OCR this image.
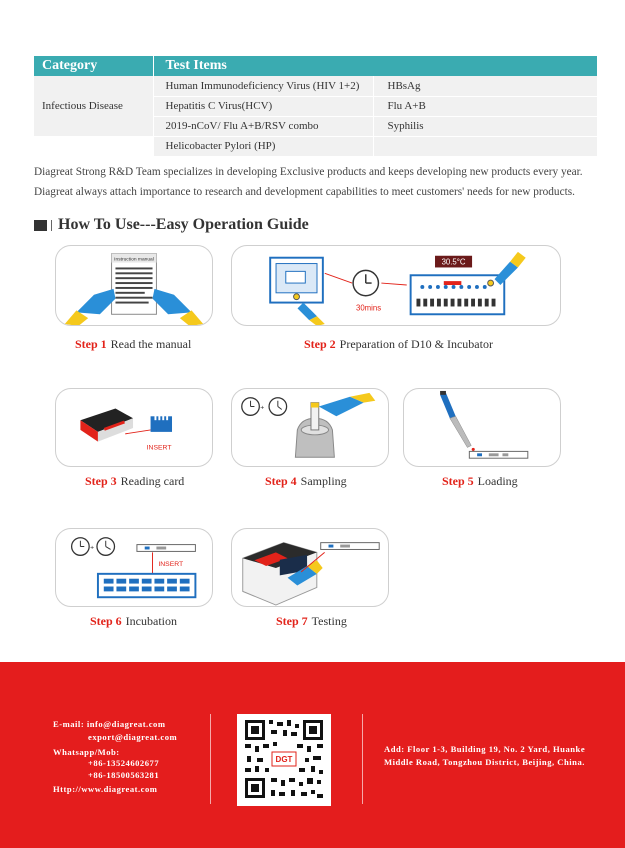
Category	Test Items	
Infectious Disease	Human Immunodeficiency Virus (HIV 1+2)	HBsAg
	Hepatitis C Virus(HCV)	Flu A+B
	2019-nCoV/ Flu A+B/RSV combo	Syphilis
	Helicobacter Pylori (HP)	
Diagreat Strong R&D Team specializes in developing Exclusive products and keeps developing new products every year.
Diagreat always attach importance to research and development capabilities to meet customers' needs for new products.
How To Use---Easy Operation Guide
Instruction manual
30mins
30.5°C
Step 1 Read the manual	Step 2 Preparation of D10 & Incubator
INSERT
+
Step 3 Reading card	Step 4 Sampling	Step 5 Loading
+
INSERT
Step 6 Incubation	Step 7 Testing
E-mail: info@diagreat.com
export@diagreat.com
Whatsapp/Mob:
+86-13524602677
+86-18500563281
Http://www.diagreat.com
DGT
Add: Floor 1-3, Building 19, No. 2 Yard, Huanke
Middle Road, Tongzhou District, Beijing, China.
